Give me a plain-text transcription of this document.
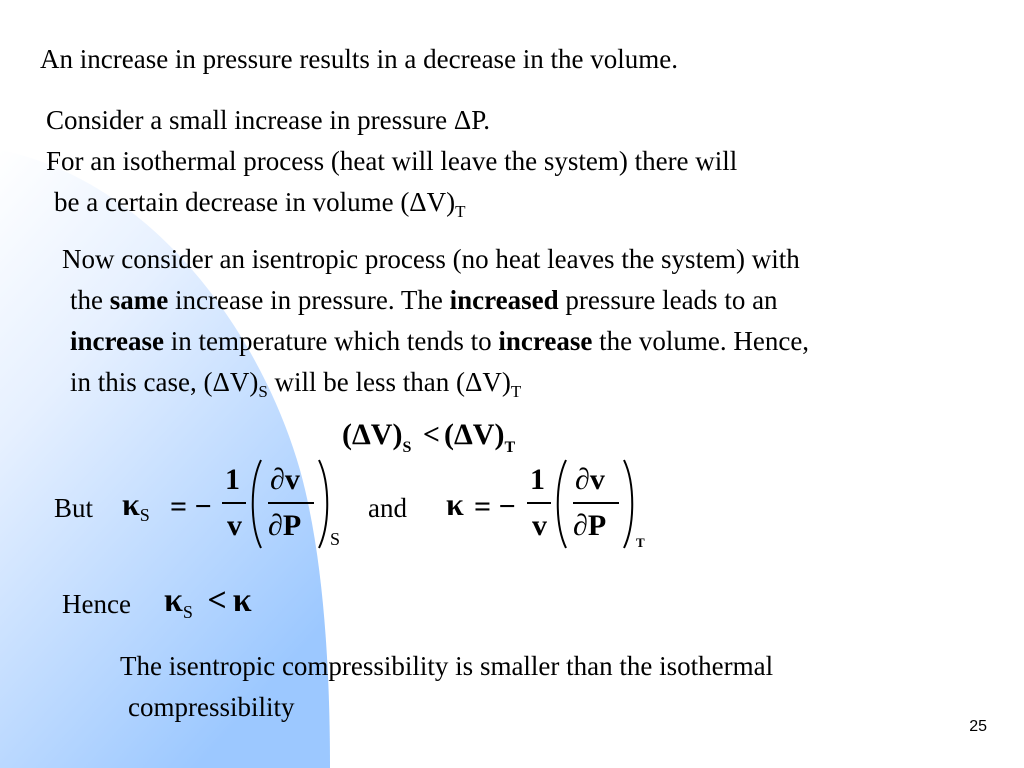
An increase in pressure results in a decrease in the volume.
Consider a small increase in pressure ΔP.
For an isothermal process (heat will leave the system) there will
be a certain decrease in volume $(\Delta V)_T$
Now consider an isentropic process (no heat leaves the system) with
the same increase in pressure. The increased pressure leads to an
increase in temperature which tends to increase the volume. Hence,
in this case, $(\Delta V)_S$ will be less than $(\Delta V)_T$
$(\Delta V)_S < (\Delta V)_T$
But κS = −
1
v
∂v
∂P S
and κ = −
1
v
∂v
∂P
T
Hence $\kappa_S < \kappa$
The isentropic compressibility is smaller than the isothermal
compressibility
25
